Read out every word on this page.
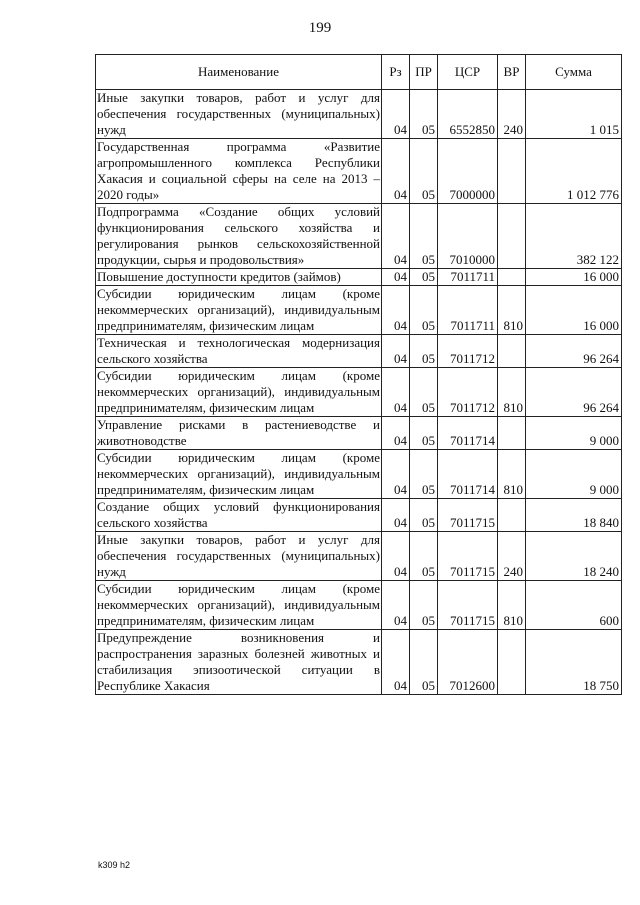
199
Наименование	Рз	ПР	ЦСР	ВР	Сумма
Иные закупки товаров, работ и услуг для обеспечения государственных (муниципальных) нужд	04	05	6552850	240	1 015
Государственная программа «Развитие агропромышленного комплекса Республики Хакасия и социальной сферы на селе на 2013 – 2020 годы»	04	05	7000000		1 012 776
Подпрограмма «Создание общих условий функционирования сельского хозяйства и регулирования рынков сельскохозяйственной продукции, сырья и продовольствия»	04	05	7010000		382 122
Повышение доступности кредитов (займов)	04	05	7011711		16 000
Субсидии юридическим лицам (кроме некоммерческих организаций), индивидуальным предпринимателям, физическим лицам	04	05	7011711	810	16 000
Техническая и технологическая модернизация сельского хозяйства	04	05	7011712		96 264
Субсидии юридическим лицам (кроме некоммерческих организаций), индивидуальным предпринимателям, физическим лицам	04	05	7011712	810	96 264
Управление рисками в растениеводстве и животноводстве	04	05	7011714		9 000
Субсидии юридическим лицам (кроме некоммерческих организаций), индивидуальным предпринимателям, физическим лицам	04	05	7011714	810	9 000
Создание общих условий функционирования сельского хозяйства	04	05	7011715		18 840
Иные закупки товаров, работ и услуг для обеспечения государственных (муниципальных) нужд	04	05	7011715	240	18 240
Субсидии юридическим лицам (кроме некоммерческих организаций), индивидуальным предпринимателям, физическим лицам	04	05	7011715	810	600
Предупреждение возникновения и распространения заразных болезней животных и стабилизация эпизоотической ситуации в Республике Хакасия	04	05	7012600		18 750
k309 h2
